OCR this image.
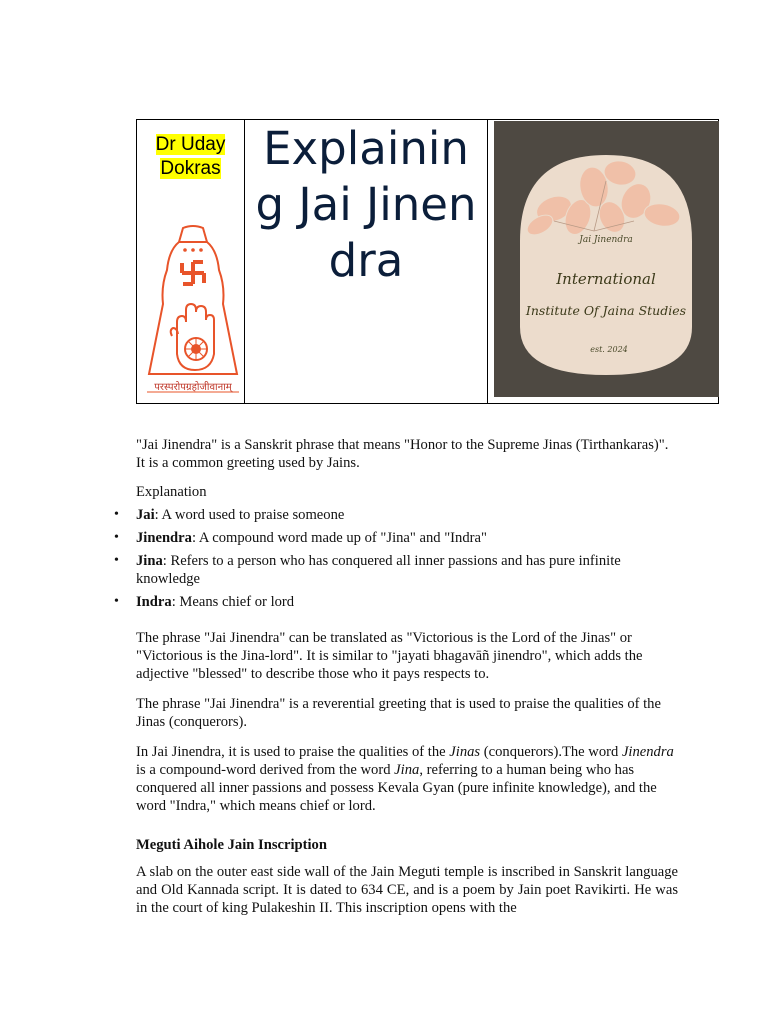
Dr Uday
Dokras
परस्परोपग्रहोजीवानाम्
Explaining Jai Jinendra	Jai Jinendra
International
Institute Of Jaina Studies
est. 2024

"Jai Jinendra" is a Sanskrit phrase that means "Honor to the Supreme Jinas (Tirthankaras)". It is a common greeting used by Jains.

Explanation

• Jai: A word used to praise someone
• Jinendra: A compound word made up of "Jina" and "Indra"
• Jina: Refers to a person who has conquered all inner passions and has pure infinite knowledge
• Indra: Means chief or lord

The phrase "Jai Jinendra" can be translated as "Victorious is the Lord of the Jinas" or "Victorious is the Jina-lord". It is similar to "jayati bhagavāñ jinendro", which adds the adjective "blessed" to describe those who it pays respects to.

The phrase "Jai Jinendra" is a reverential greeting that is used to praise the qualities of the Jinas (conquerors).

In Jai Jinendra, it is used to praise the qualities of the Jinas (conquerors).The word Jinendra is a compound-word derived from the word Jina, referring to a human being who has conquered all inner passions and possess Kevala Gyan (pure infinite knowledge), and the word "Indra," which means chief or lord.

Meguti Aihole Jain Inscription

A slab on the outer east side wall of the Jain Meguti temple is inscribed in Sanskrit language and Old Kannada script. It is dated to 634 CE, and is a poem by Jain poet Ravikirti. He was in the court of king Pulakeshin II. This inscription opens with the
